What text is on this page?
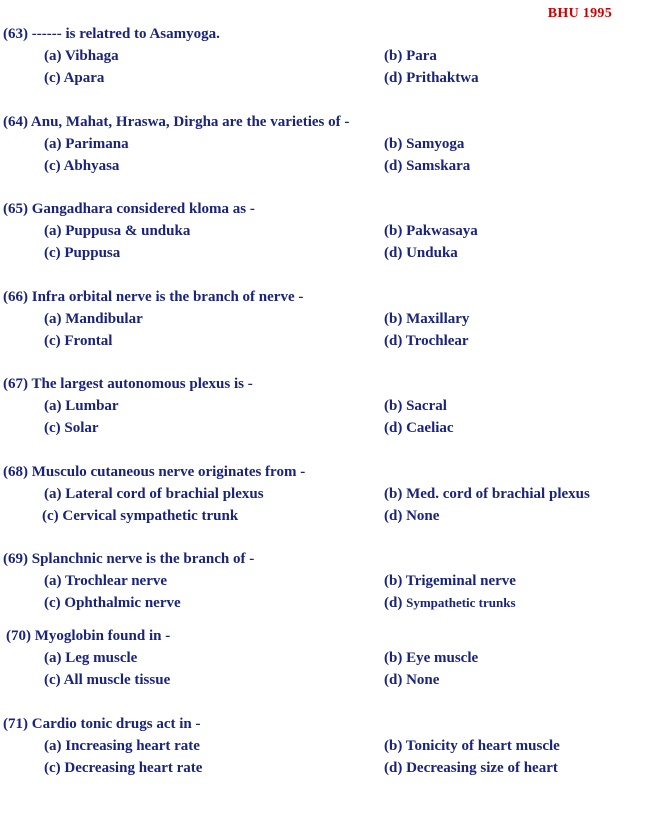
BHU 1995
(63) ------ is relatred to Asamyoga.
(a) Vibhaga	(b) Para
(c) Apara	(d) Prithaktwa
(64) Anu, Mahat, Hraswa, Dirgha are the varieties of -
(a) Parimana	(b) Samyoga
(c) Abhyasa	(d) Samskara
(65) Gangadhara considered kloma as -
(a) Puppusa & unduka	(b) Pakwasaya
(c) Puppusa	(d) Unduka
(66) Infra orbital nerve is the branch of nerve -
(a) Mandibular	(b) Maxillary
(c) Frontal	(d) Trochlear
(67) The largest autonomous plexus is -
(a) Lumbar	(b) Sacral
(c) Solar	(d) Caeliac
(68) Musculo cutaneous nerve originates from -
(a) Lateral cord of brachial plexus	(b) Med. cord of brachial plexus
(c) Cervical sympathetic trunk	(d) None
(69) Splanchnic nerve is the branch of -
(a) Trochlear nerve	(b) Trigeminal nerve
(c) Ophthalmic nerve	(d) Sympathetic trunks
(70) Myoglobin found in -
(a) Leg muscle	(b) Eye muscle
(c) All muscle tissue	(d) None
(71) Cardio tonic drugs act in -
(a) Increasing heart rate	(b) Tonicity of heart muscle
(c) Decreasing heart rate	(d) Decreasing size of heart
